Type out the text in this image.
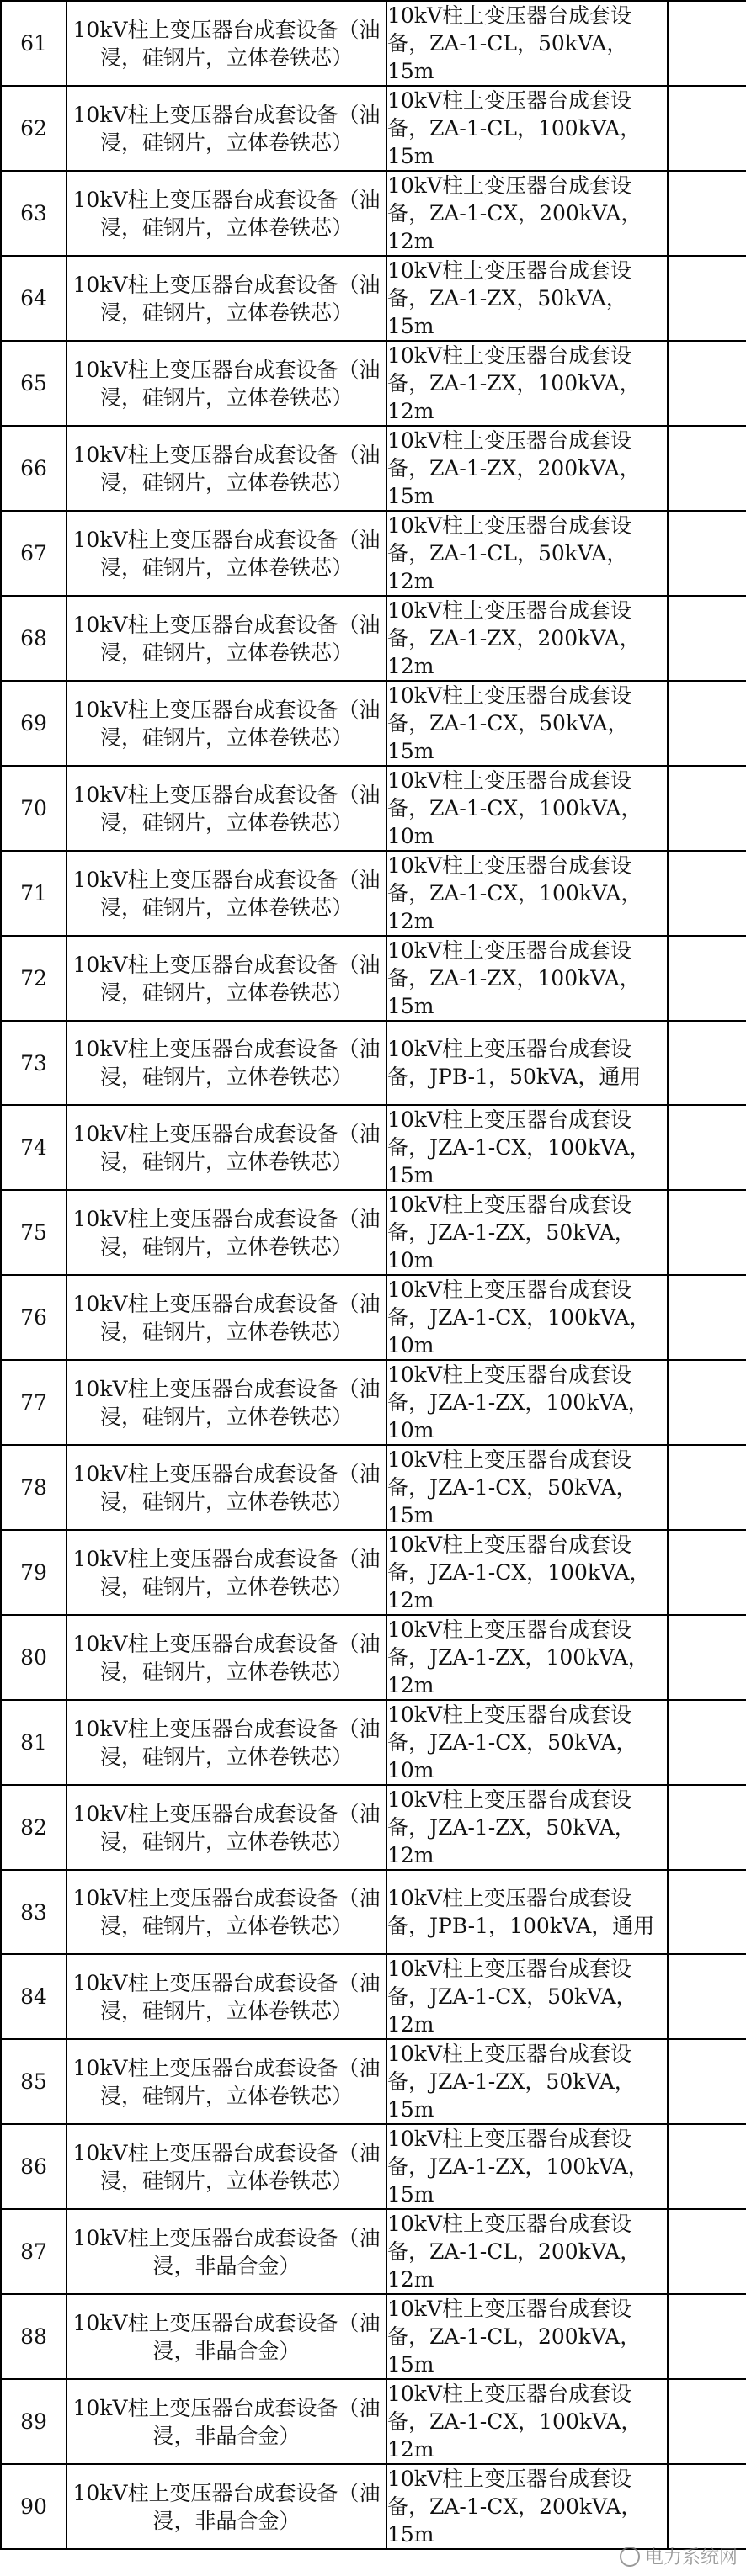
61	10kV柱上变压器台成套设备（油浸，硅钢片，立体卷铁芯）	10kV柱上变压器台成套设备，ZA-1-CL，50kVA，15m	
62	10kV柱上变压器台成套设备（油浸，硅钢片，立体卷铁芯）	10kV柱上变压器台成套设备，ZA-1-CL，100kVA，15m	
63	10kV柱上变压器台成套设备（油浸，硅钢片，立体卷铁芯）	10kV柱上变压器台成套设备，ZA-1-CX，200kVA，12m	
64	10kV柱上变压器台成套设备（油浸，硅钢片，立体卷铁芯）	10kV柱上变压器台成套设备，ZA-1-ZX，50kVA，15m	
65	10kV柱上变压器台成套设备（油浸，硅钢片，立体卷铁芯）	10kV柱上变压器台成套设备，ZA-1-ZX，100kVA，12m	
66	10kV柱上变压器台成套设备（油浸，硅钢片，立体卷铁芯）	10kV柱上变压器台成套设备，ZA-1-ZX，200kVA，15m	
67	10kV柱上变压器台成套设备（油浸，硅钢片，立体卷铁芯）	10kV柱上变压器台成套设备，ZA-1-CL，50kVA，12m	
68	10kV柱上变压器台成套设备（油浸，硅钢片，立体卷铁芯）	10kV柱上变压器台成套设备，ZA-1-ZX，200kVA，12m	
69	10kV柱上变压器台成套设备（油浸，硅钢片，立体卷铁芯）	10kV柱上变压器台成套设备，ZA-1-CX，50kVA，15m	
70	10kV柱上变压器台成套设备（油浸，硅钢片，立体卷铁芯）	10kV柱上变压器台成套设备，ZA-1-CX，100kVA，10m	
71	10kV柱上变压器台成套设备（油浸，硅钢片，立体卷铁芯）	10kV柱上变压器台成套设备，ZA-1-CX，100kVA，12m	
72	10kV柱上变压器台成套设备（油浸，硅钢片，立体卷铁芯）	10kV柱上变压器台成套设备，ZA-1-ZX，100kVA，15m	
73	10kV柱上变压器台成套设备（油浸，硅钢片，立体卷铁芯）	10kV柱上变压器台成套设备，JPB-1，50kVA，通用	
74	10kV柱上变压器台成套设备（油浸，硅钢片，立体卷铁芯）	10kV柱上变压器台成套设备，JZA-1-CX，100kVA，15m	
75	10kV柱上变压器台成套设备（油浸，硅钢片，立体卷铁芯）	10kV柱上变压器台成套设备，JZA-1-ZX，50kVA，10m	
76	10kV柱上变压器台成套设备（油浸，硅钢片，立体卷铁芯）	10kV柱上变压器台成套设备，JZA-1-CX，100kVA，10m	
77	10kV柱上变压器台成套设备（油浸，硅钢片，立体卷铁芯）	10kV柱上变压器台成套设备，JZA-1-ZX，100kVA，10m	
78	10kV柱上变压器台成套设备（油浸，硅钢片，立体卷铁芯）	10kV柱上变压器台成套设备，JZA-1-CX，50kVA，15m	
79	10kV柱上变压器台成套设备（油浸，硅钢片，立体卷铁芯）	10kV柱上变压器台成套设备，JZA-1-CX，100kVA，12m	
80	10kV柱上变压器台成套设备（油浸，硅钢片，立体卷铁芯）	10kV柱上变压器台成套设备，JZA-1-ZX，100kVA，12m	
81	10kV柱上变压器台成套设备（油浸，硅钢片，立体卷铁芯）	10kV柱上变压器台成套设备，JZA-1-CX，50kVA，10m	
82	10kV柱上变压器台成套设备（油浸，硅钢片，立体卷铁芯）	10kV柱上变压器台成套设备，JZA-1-ZX，50kVA，12m	
83	10kV柱上变压器台成套设备（油浸，硅钢片，立体卷铁芯）	10kV柱上变压器台成套设备，JPB-1，100kVA，通用	
84	10kV柱上变压器台成套设备（油浸，硅钢片，立体卷铁芯）	10kV柱上变压器台成套设备，JZA-1-CX，50kVA，12m	
85	10kV柱上变压器台成套设备（油浸，硅钢片，立体卷铁芯）	10kV柱上变压器台成套设备，JZA-1-ZX，50kVA，15m	
86	10kV柱上变压器台成套设备（油浸，硅钢片，立体卷铁芯）	10kV柱上变压器台成套设备，JZA-1-ZX，100kVA，15m	
87	10kV柱上变压器台成套设备（油浸，非晶合金）	10kV柱上变压器台成套设备，ZA-1-CL，200kVA，12m	
88	10kV柱上变压器台成套设备（油浸，非晶合金）	10kV柱上变压器台成套设备，ZA-1-CL，200kVA，15m	
89	10kV柱上变压器台成套设备（油浸，非晶合金）	10kV柱上变压器台成套设备，ZA-1-CX，100kVA，12m	
90	10kV柱上变压器台成套设备（油浸，非晶合金）	10kV柱上变压器台成套设备，ZA-1-CX，200kVA，15m	
电力系统网
